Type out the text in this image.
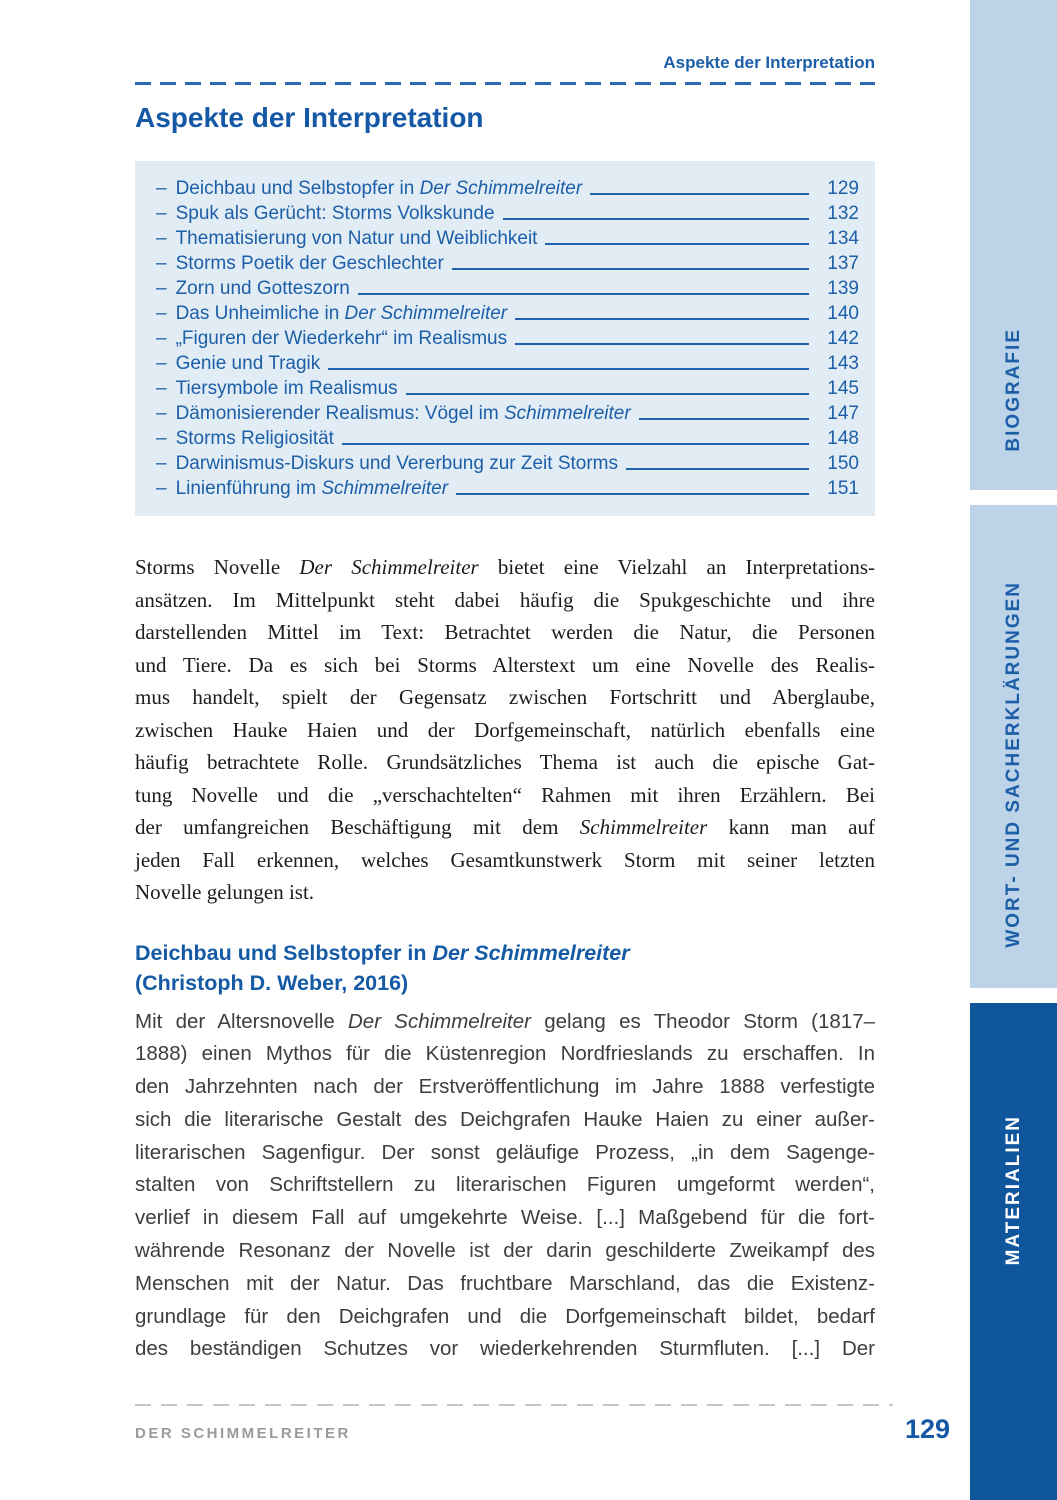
Aspekte der Interpretation
Aspekte der Interpretation
– Deichbau und Selbstopfer in Der Schimmelreiter	129
– Spuk als Gerücht: Storms Volkskunde	132
– Thematisierung von Natur und Weiblichkeit	134
– Storms Poetik der Geschlechter	137
– Zorn und Gotteszorn	139
– Das Unheimliche in Der Schimmelreiter	140
– „Figuren der Wiederkehr“ im Realismus	142
– Genie und Tragik	143
– Tiersymbole im Realismus	145
– Dämonisierender Realismus: Vögel im Schimmelreiter	147
– Storms Religiosität	148
– Darwinismus-Diskurs und Vererbung zur Zeit Storms	150
– Linienführung im Schimmelreiter	151
Storms Novelle Der Schimmelreiter bietet eine Vielzahl an Interpretations-
ansätzen. Im Mittelpunkt steht dabei häufig die Spukgeschichte und ihre
darstellenden Mittel im Text: Betrachtet werden die Natur, die Personen
und Tiere. Da es sich bei Storms Alterstext um eine Novelle des Realis-
mus handelt, spielt der Gegensatz zwischen Fortschritt und Aberglaube,
zwischen Hauke Haien und der Dorfgemeinschaft, natürlich ebenfalls eine
häufig betrachtete Rolle. Grundsätzliches Thema ist auch die epische Gat-
tung Novelle und die „verschachtelten“ Rahmen mit ihren Erzählern. Bei
der umfangreichen Beschäftigung mit dem Schimmelreiter kann man auf
jeden Fall erkennen, welches Gesamtkunstwerk Storm mit seiner letzten
Novelle gelungen ist.
Deichbau und Selbstopfer in Der Schimmelreiter
(Christoph D. Weber, 2016)
Mit der Altersnovelle Der Schimmelreiter gelang es Theodor Storm (1817–
1888) einen Mythos für die Küstenregion Nordfrieslands zu erschaffen. In
den Jahrzehnten nach der Erstveröffentlichung im Jahre 1888 verfestigte
sich die literarische Gestalt des Deichgrafen Hauke Haien zu einer außer-
literarischen Sagenfigur. Der sonst geläufige Prozess, „in dem Sagenge-
stalten von Schriftstellern zu literarischen Figuren umgeformt werden“,
verlief in diesem Fall auf umgekehrte Weise. [...] Maßgebend für die fort-
währende Resonanz der Novelle ist der darin geschilderte Zweikampf des
Menschen mit der Natur. Das fruchtbare Marschland, das die Existenz-
grundlage für den Deichgrafen und die Dorfgemeinschaft bildet, bedarf
des beständigen Schutzes vor wiederkehrenden Sturmfluten. [...] Der
BIOGRAFIE
WORT- UND SACHERKLÄRUNGEN
MATERIALIEN
DER SCHIMMELREITER	129
